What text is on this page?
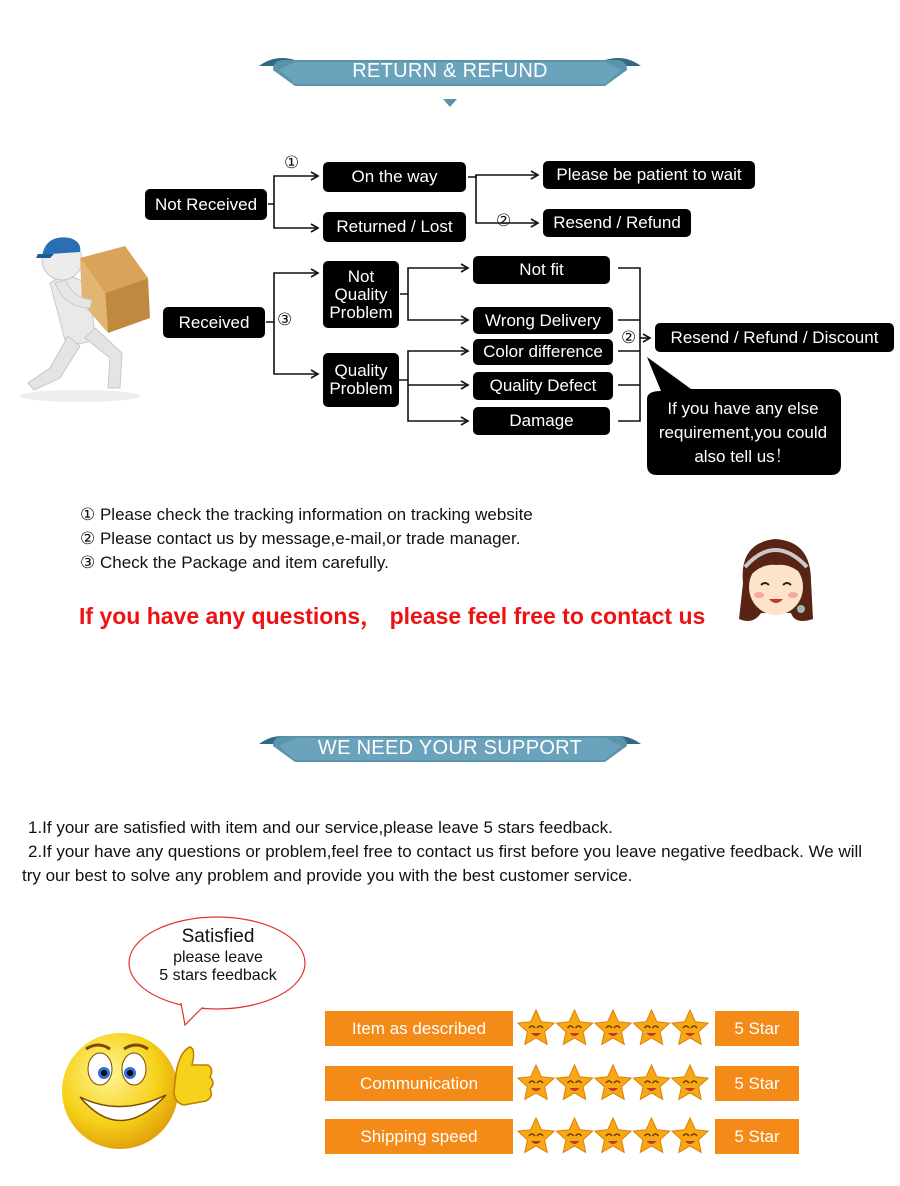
RETURN & REFUND
①
②
③
②
Not Received
Received
On the way
Returned / Lost
Please be patient to wait
Resend / Refund
Not Quality Problem
Quality Problem
Not fit
Wrong Delivery
Color difference
Quality Defect
Damage
Resend / Refund / Discount
If you have any else requirement,you could also tell us！
① Please check the tracking information on tracking website
② Please contact us by message,e-mail,or trade manager.
③ Check the Package and item carefully.
If you have any questions， please feel free to contact us
WE NEED YOUR SUPPORT
1.If your are satisfied with item and our service,please leave 5 stars feedback.
2.If your have any questions or problem,feel free to contact us first before you leave negative feedback. We will try our best to solve any problem and provide you with the best customer service.
Satisfied
please leave
5 stars feedback
Item as described	5 Star
Communication	5 Star
Shipping speed	5 Star
